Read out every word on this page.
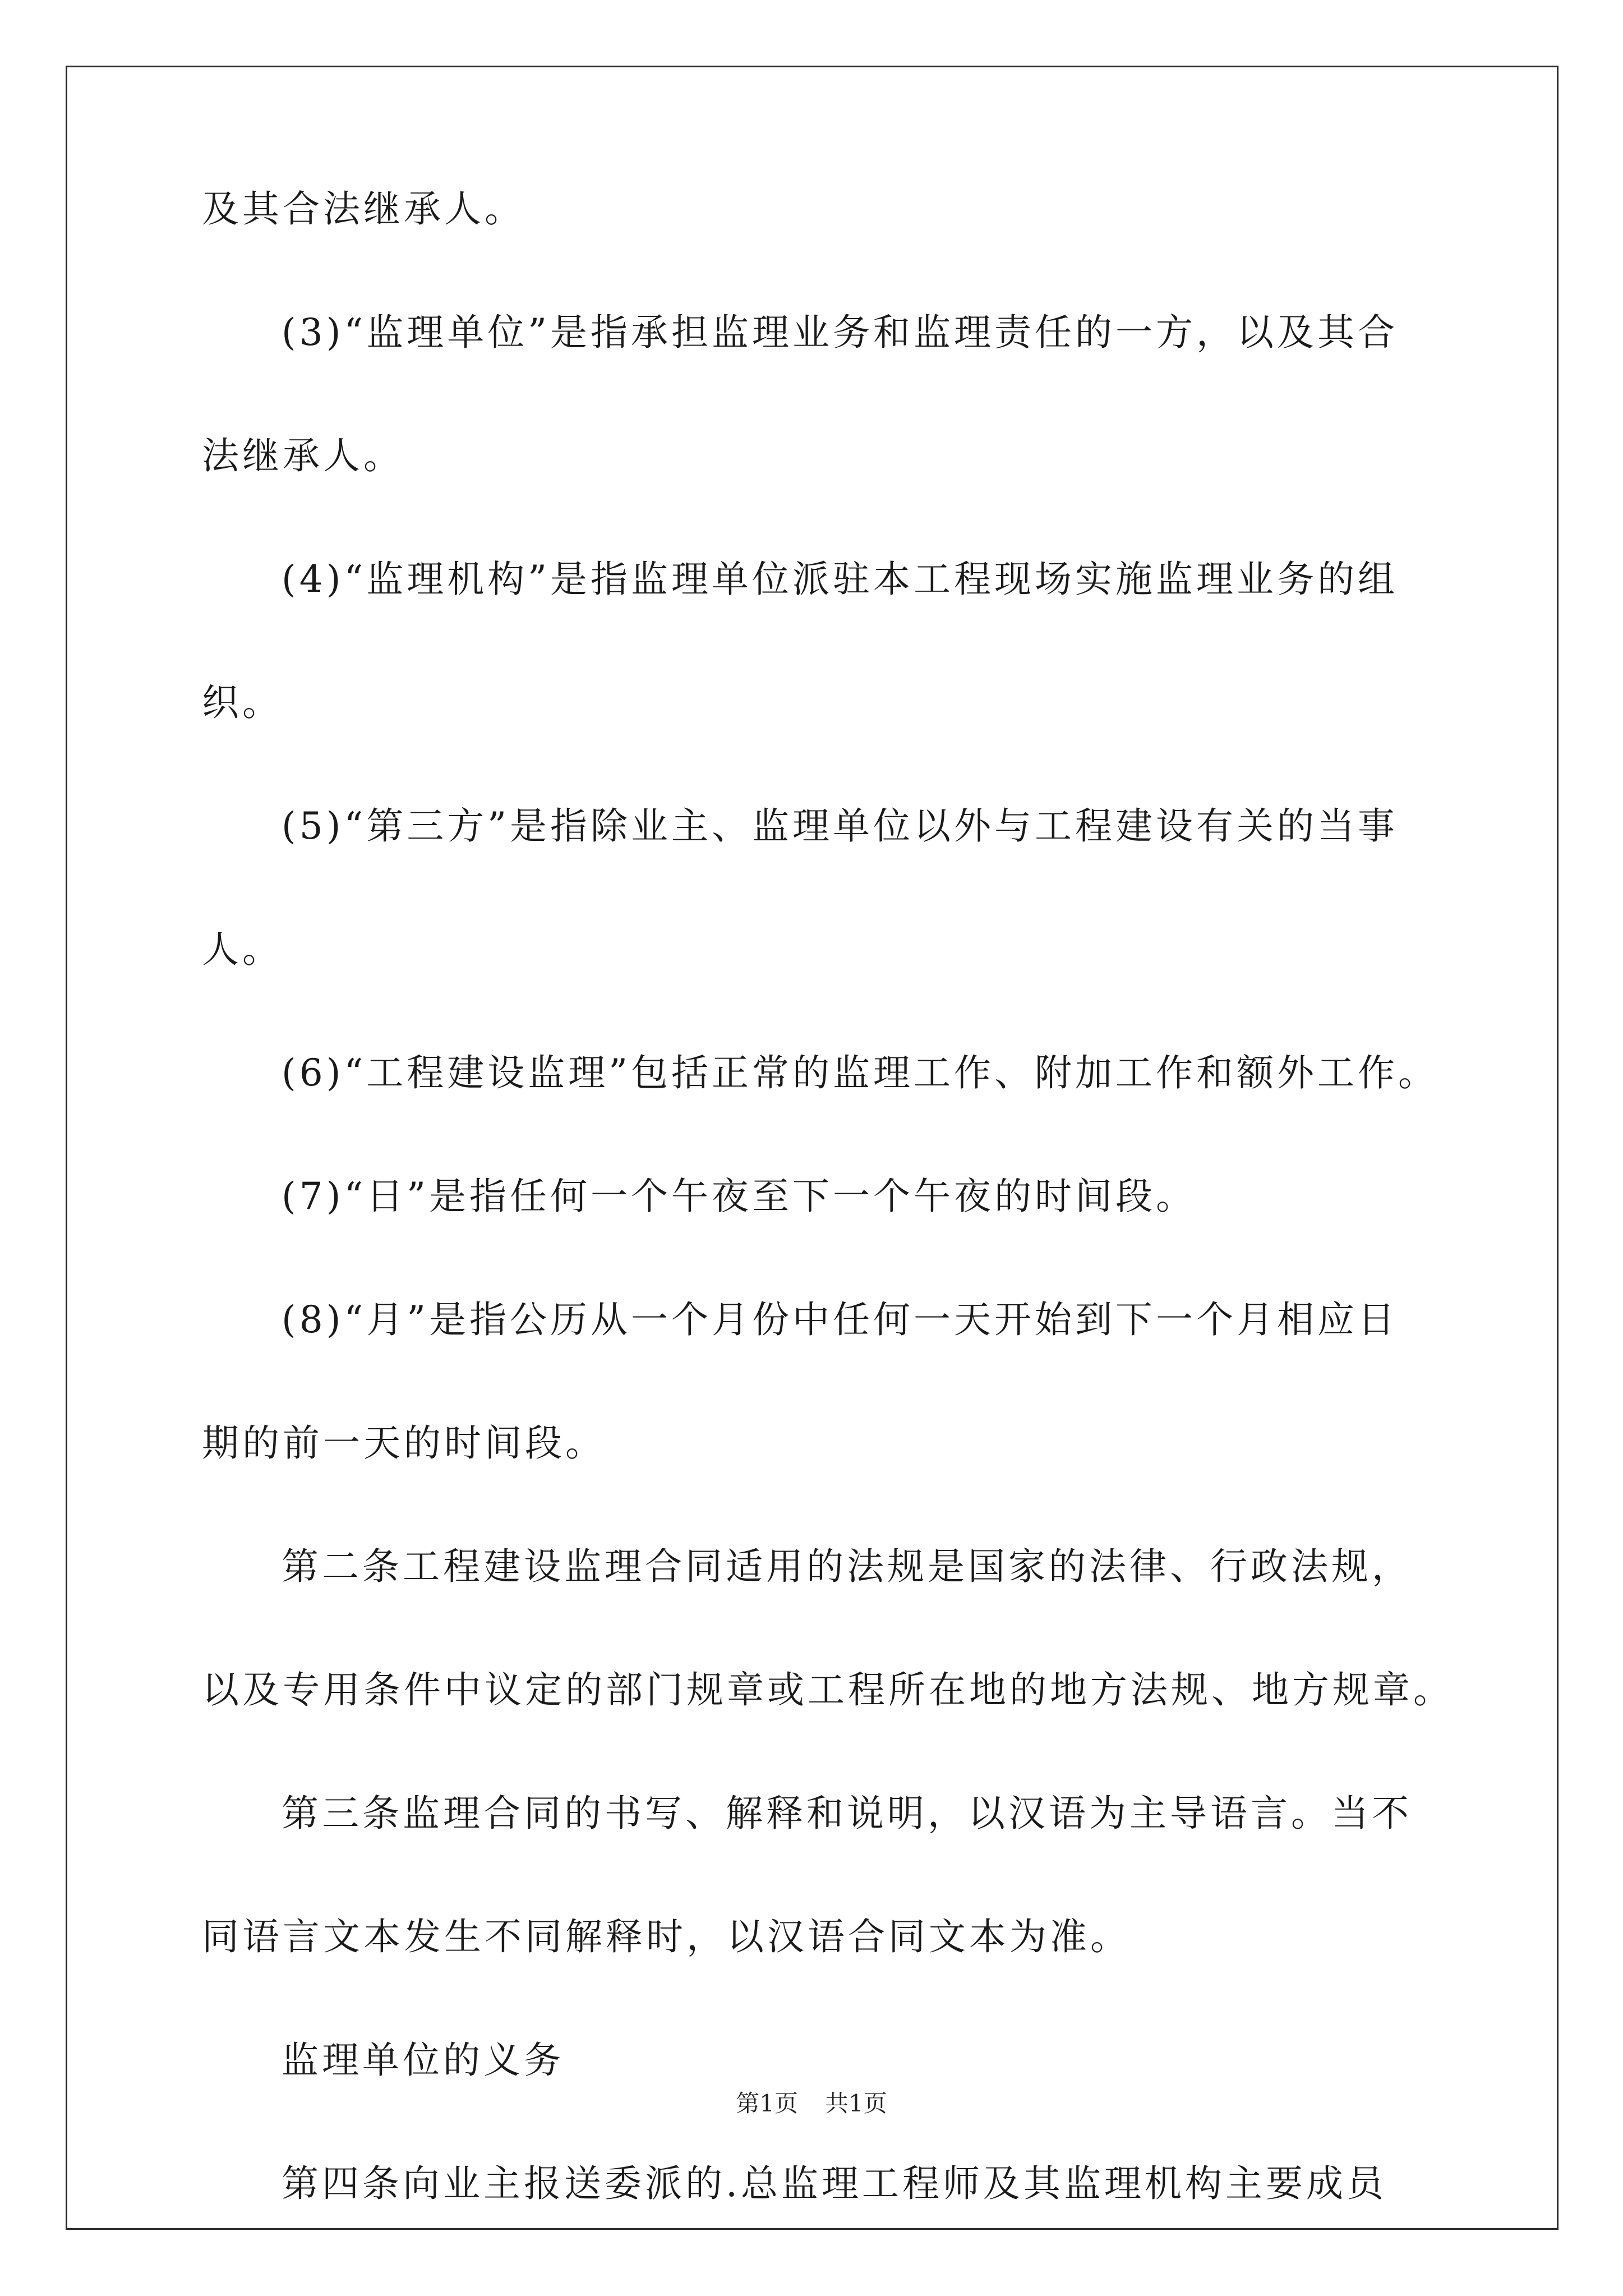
及其合法继承人。
(3)“监理单位”是指承担监理业务和监理责任的一方，以及其合
法继承人。
(4)“监理机构”是指监理单位派驻本工程现场实施监理业务的组
织。
(5)“第三方”是指除业主、监理单位以外与工程建设有关的当事
人。
(6)“工程建设监理”包括正常的监理工作、附加工作和额外工作。
(7)“日”是指任何一个午夜至下一个午夜的时间段。
(8)“月”是指公历从一个月份中任何一天开始到下一个月相应日
期的前一天的时间段。
第二条工程建设监理合同适用的法规是国家的法律、行政法规，
以及专用条件中议定的部门规章或工程所在地的地方法规、地方规章。
第三条监理合同的书写、解释和说明，以汉语为主导语言。当不
同语言文本发生不同解释时，以汉语合同文本为准。
监理单位的义务
第四条向业主报送委派的.总监理工程师及其监理机构主要成员
第1页 共1页
